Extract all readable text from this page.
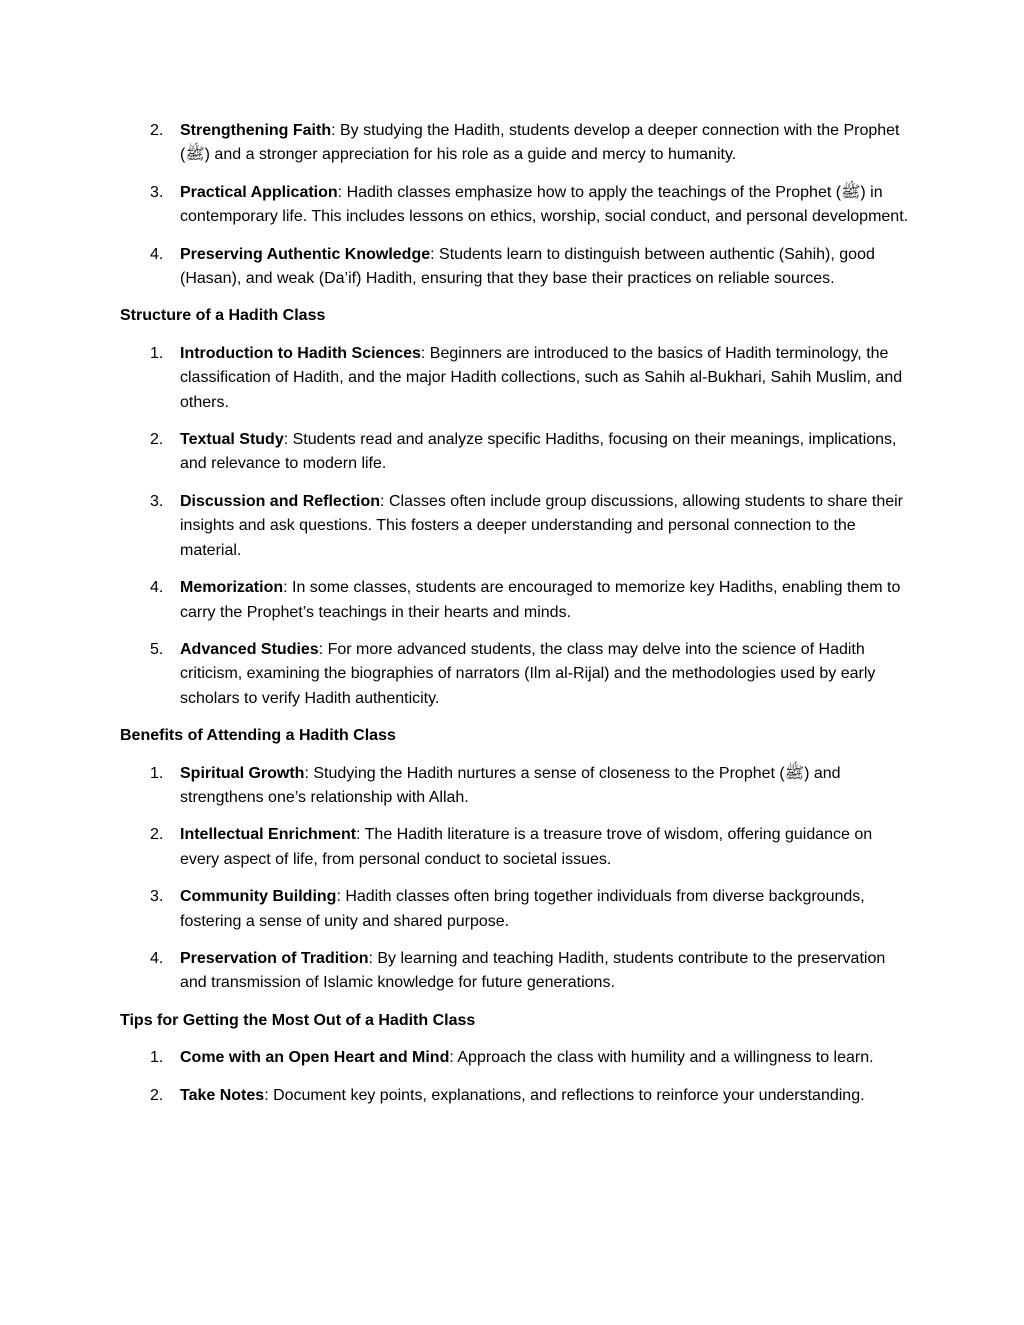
2. Strengthening Faith: By studying the Hadith, students develop a deeper connection with the Prophet (ﷺ) and a stronger appreciation for his role as a guide and mercy to humanity.
3. Practical Application: Hadith classes emphasize how to apply the teachings of the Prophet (ﷺ) in contemporary life. This includes lessons on ethics, worship, social conduct, and personal development.
4. Preserving Authentic Knowledge: Students learn to distinguish between authentic (Sahih), good (Hasan), and weak (Da’if) Hadith, ensuring that they base their practices on reliable sources.

Structure of a Hadith Class

1. Introduction to Hadith Sciences: Beginners are introduced to the basics of Hadith terminology, the classification of Hadith, and the major Hadith collections, such as Sahih al-Bukhari, Sahih Muslim, and others.
2. Textual Study: Students read and analyze specific Hadiths, focusing on their meanings, implications, and relevance to modern life.
3. Discussion and Reflection: Classes often include group discussions, allowing students to share their insights and ask questions. This fosters a deeper understanding and personal connection to the material.
4. Memorization: In some classes, students are encouraged to memorize key Hadiths, enabling them to carry the Prophet’s teachings in their hearts and minds.
5. Advanced Studies: For more advanced students, the class may delve into the science of Hadith criticism, examining the biographies of narrators (Ilm al-Rijal) and the methodologies used by early scholars to verify Hadith authenticity.

Benefits of Attending a Hadith Class

1. Spiritual Growth: Studying the Hadith nurtures a sense of closeness to the Prophet (ﷺ) and strengthens one’s relationship with Allah.
2. Intellectual Enrichment: The Hadith literature is a treasure trove of wisdom, offering guidance on every aspect of life, from personal conduct to societal issues.
3. Community Building: Hadith classes often bring together individuals from diverse backgrounds, fostering a sense of unity and shared purpose.
4. Preservation of Tradition: By learning and teaching Hadith, students contribute to the preservation and transmission of Islamic knowledge for future generations.

Tips for Getting the Most Out of a Hadith Class

1. Come with an Open Heart and Mind: Approach the class with humility and a willingness to learn.
2. Take Notes: Document key points, explanations, and reflections to reinforce your understanding.
